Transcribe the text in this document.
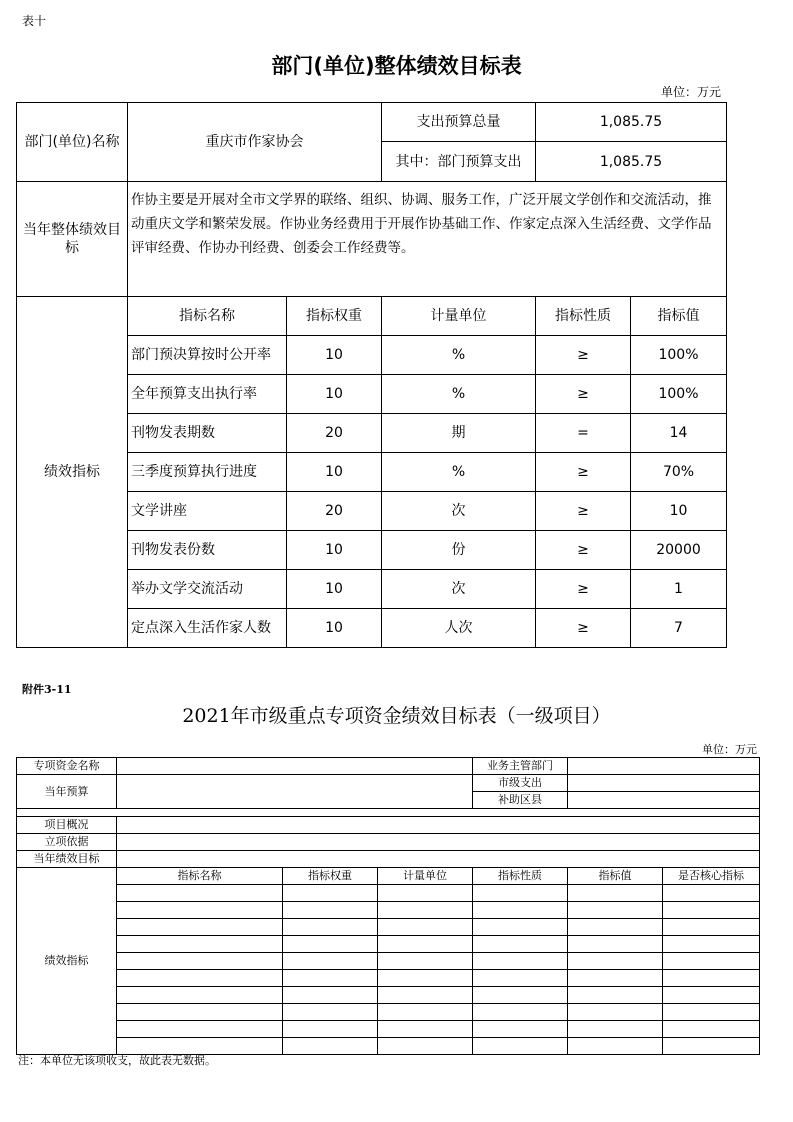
表十
部门(单位)整体绩效目标表
单位：万元
部门(单位)名称	重庆市作家协会		支出预算总量	1,085.75	
			其中：部门预算支出	1,085.75	
当年整体绩效目标	作协主要是开展对全市文学界的联络、组织、协调、服务工作，广泛开展文学创作和交流活动，推动重庆文学和繁荣发展。作协业务经费用于开展作协基础工作、作家定点深入生活经费、文学作品评审经费、作协办刊经费、创委会工作经费等。				
绩效指标	指标名称	指标权重	计量单位	指标性质	指标值
	部门预决算按时公开率	10	%	≥	100%
	全年预算支出执行率	10	%	≥	100%
	刊物发表期数	20	期	=	14
	三季度预算执行进度	10	%	≥	70%
	文学讲座	20	次	≥	10
	刊物发表份数	10	份	≥	20000
	举办文学交流活动	10	次	≥	1
	定点深入生活作家人数	10	人次	≥	7
附件3-11
2021年市级重点专项资金绩效目标表（一级项目）
单位：万元
专项资金名称				业务主管部门		
当年预算				市级支出		
				补助区县		

项目概况						
立项依据						
当年绩效目标						
绩效指标	指标名称	指标权重	计量单位	指标性质	指标值	是否核心指标

注：本单位无该项收支，故此表无数据。
